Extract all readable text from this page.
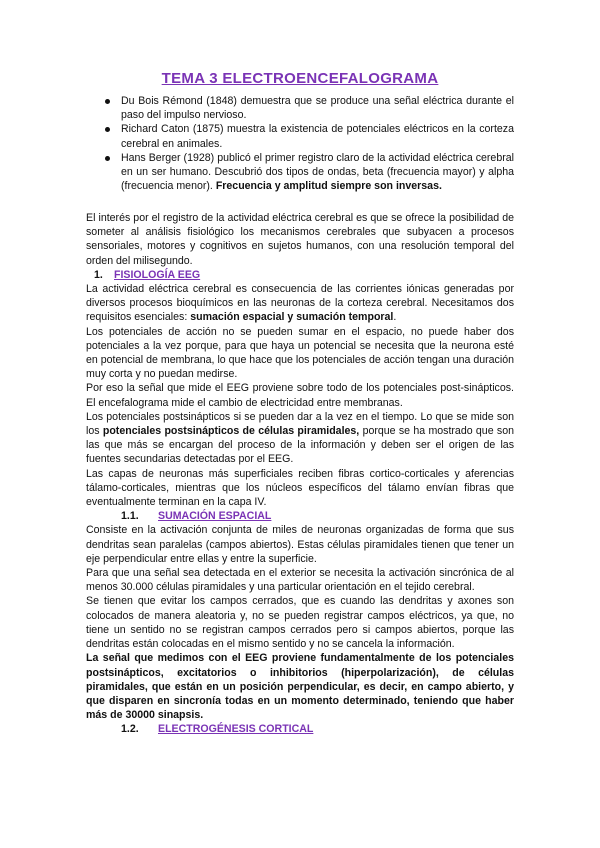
TEMA 3 ELECTROENCEFALOGRAMA
Du Bois Rémond (1848) demuestra que se produce una señal eléctrica durante el paso del impulso nervioso.
Richard Caton (1875) muestra la existencia de potenciales eléctricos en la corteza cerebral en animales.
Hans Berger (1928) publicó el primer registro claro de la actividad eléctrica cerebral en un ser humano. Descubrió dos tipos de ondas, beta (frecuencia mayor) y alpha (frecuencia menor). Frecuencia y amplitud siempre son inversas.

El interés por el registro de la actividad eléctrica cerebral es que se ofrece la posibilidad de someter al análisis fisiológico los mecanismos cerebrales que subyacen a procesos sensoriales, motores y cognitivos en sujetos humanos, con una resolución temporal del orden del milisegundo.

1. FISIOLOGÍA EEG

La actividad eléctrica cerebral es consecuencia de las corrientes iónicas generadas por diversos procesos bioquímicos en las neuronas de la corteza cerebral. Necesitamos dos requisitos esenciales: sumación espacial y sumación temporal.

Los potenciales de acción no se pueden sumar en el espacio, no puede haber dos potenciales a la vez porque, para que haya un potencial se necesita que la neurona esté en potencial de membrana, lo que hace que los potenciales de acción tengan una duración muy corta y no puedan medirse.

Por eso la señal que mide el EEG proviene sobre todo de los potenciales post-sinápticos. El encefalograma mide el cambio de electricidad entre membranas.

Los potenciales postsinápticos si se pueden dar a la vez en el tiempo. Lo que se mide son los potenciales postsinápticos de células piramidales, porque se ha mostrado que son las que más se encargan del proceso de la información y deben ser el origen de las fuentes secundarias detectadas por el EEG.

Las capas de neuronas más superficiales reciben fibras cortico-corticales y aferencias tálamo-corticales, mientras que los núcleos específicos del tálamo envían fibras que eventualmente terminan en la capa IV.

1.1. SUMACIÓN ESPACIAL

Consiste en la activación conjunta de miles de neuronas organizadas de forma que sus dendritas sean paralelas (campos abiertos). Estas células piramidales tienen que tener un eje perpendicular entre ellas y entre la superficie.

Para que una señal sea detectada en el exterior se necesita la activación sincrónica de al menos 30.000 células piramidales y una particular orientación en el tejido cerebral.

Se tienen que evitar los campos cerrados, que es cuando las dendritas y axones son colocados de manera aleatoria y, no se pueden registrar campos eléctricos, ya que, no tiene un sentido no se registran campos cerrados pero si campos abiertos, porque las dendritas están colocadas en el mismo sentido y no se cancela la información.

La señal que medimos con el EEG proviene fundamentalmente de los potenciales postsinápticos, excitatorios o inhibitorios (hiperpolarización), de células piramidales, que están en un posición perpendicular, es decir, en campo abierto, y que disparen en sincronía todas en un momento determinado, teniendo que haber más de 30000 sinapsis.

1.2. ELECTROGÉNESIS CORTICAL
